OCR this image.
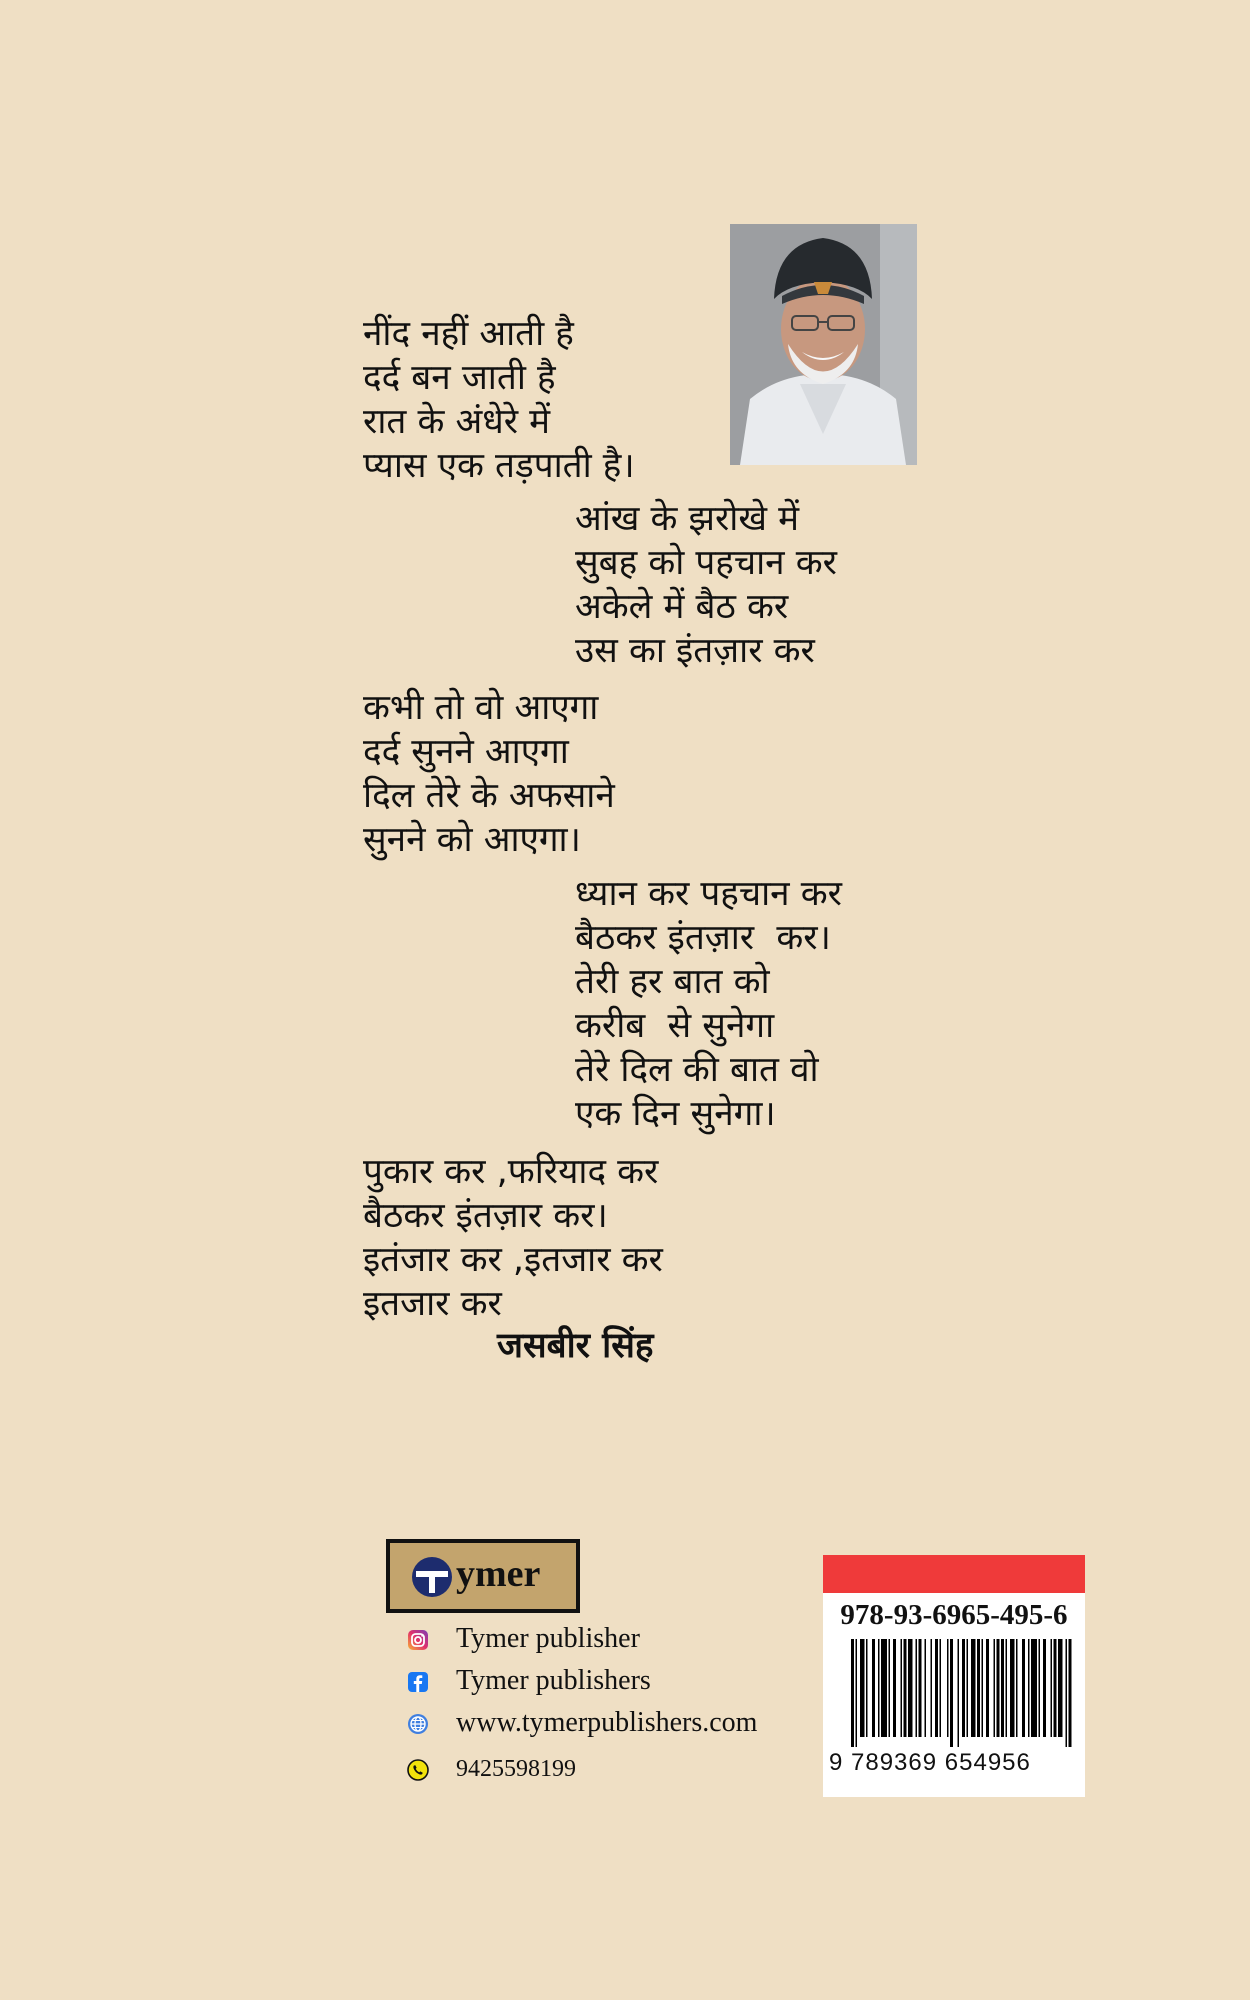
नींद नहीं आती है
दर्द बन जाती है
रात के अंधेरे में
प्यास एक तड़पाती है।
आंख के झरोखे में
सुबह को पहचान कर
अकेले में बैठ कर
उस का इंतज़ार कर
कभी तो वो आएगा
दर्द सुनने आएगा
दिल तेरे के अफसाने
सुनने को आएगा।
ध्यान कर पहचान कर
बैठकर इंतज़ार  कर।
तेरी हर बात को
करीब  से सुनेगा
तेरे दिल की बात वो
एक दिन सुनेगा।
पुकार कर ,फरियाद कर
बैठकर इंतज़ार कर।
इतंजार कर ,इतजार कर
इतजार कर
जसबीर सिंह
ymer
Tymer publisher
Tymer publishers
www.tymerpublishers.com
9425598199
978-93-6965-495-6
9 789369 654956
